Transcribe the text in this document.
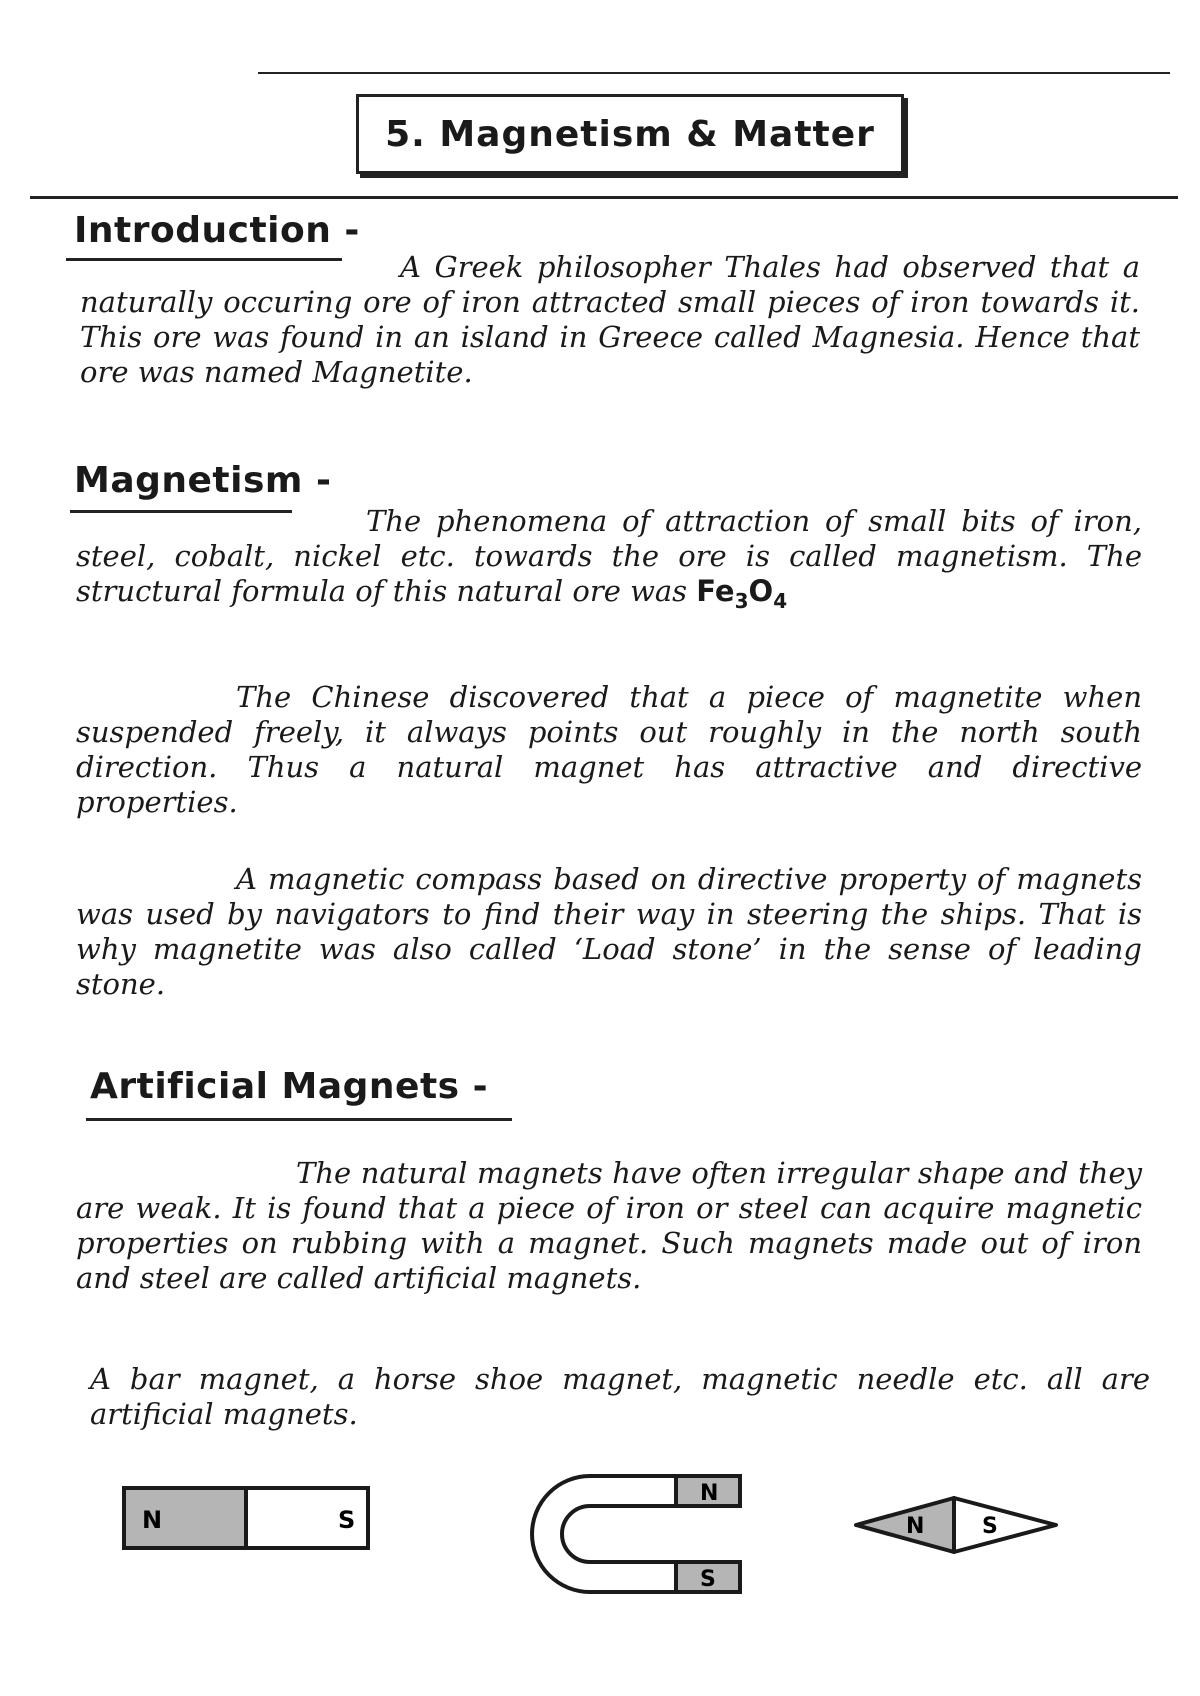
5. Magnetism & Matter
Introduction -
A Greek philosopher Thales had observed that a naturally occuring ore of iron attracted small pieces of iron towards it. This ore was found in an island in Greece called Magnesia. Hence that ore was named Magnetite.
Magnetism -
The phenomena of attraction of small bits of iron, steel, cobalt, nickel etc. towards the ore is called magnetism. The structural formula of this natural ore was $Fe_3O_4$
The Chinese discovered that a piece of magnetite when suspended freely, it always points out roughly in the north south direction. Thus a natural magnet has attractive and directive properties.
A magnetic compass based on directive property of magnets was used by navigators to find their way in steering the ships. That is why magnetite was also called ‘Load stone’ in the sense of leading stone.
Artificial Magnets -
The natural magnets have often irregular shape and they are weak. It is found that a piece of iron or steel can acquire magnetic properties on rubbing with a magnet. Such magnets made out of iron and steel are called artificial magnets.
A bar magnet, a horse shoe magnet, magnetic needle etc. all are artificial magnets.
N	S
N
S
N	S
